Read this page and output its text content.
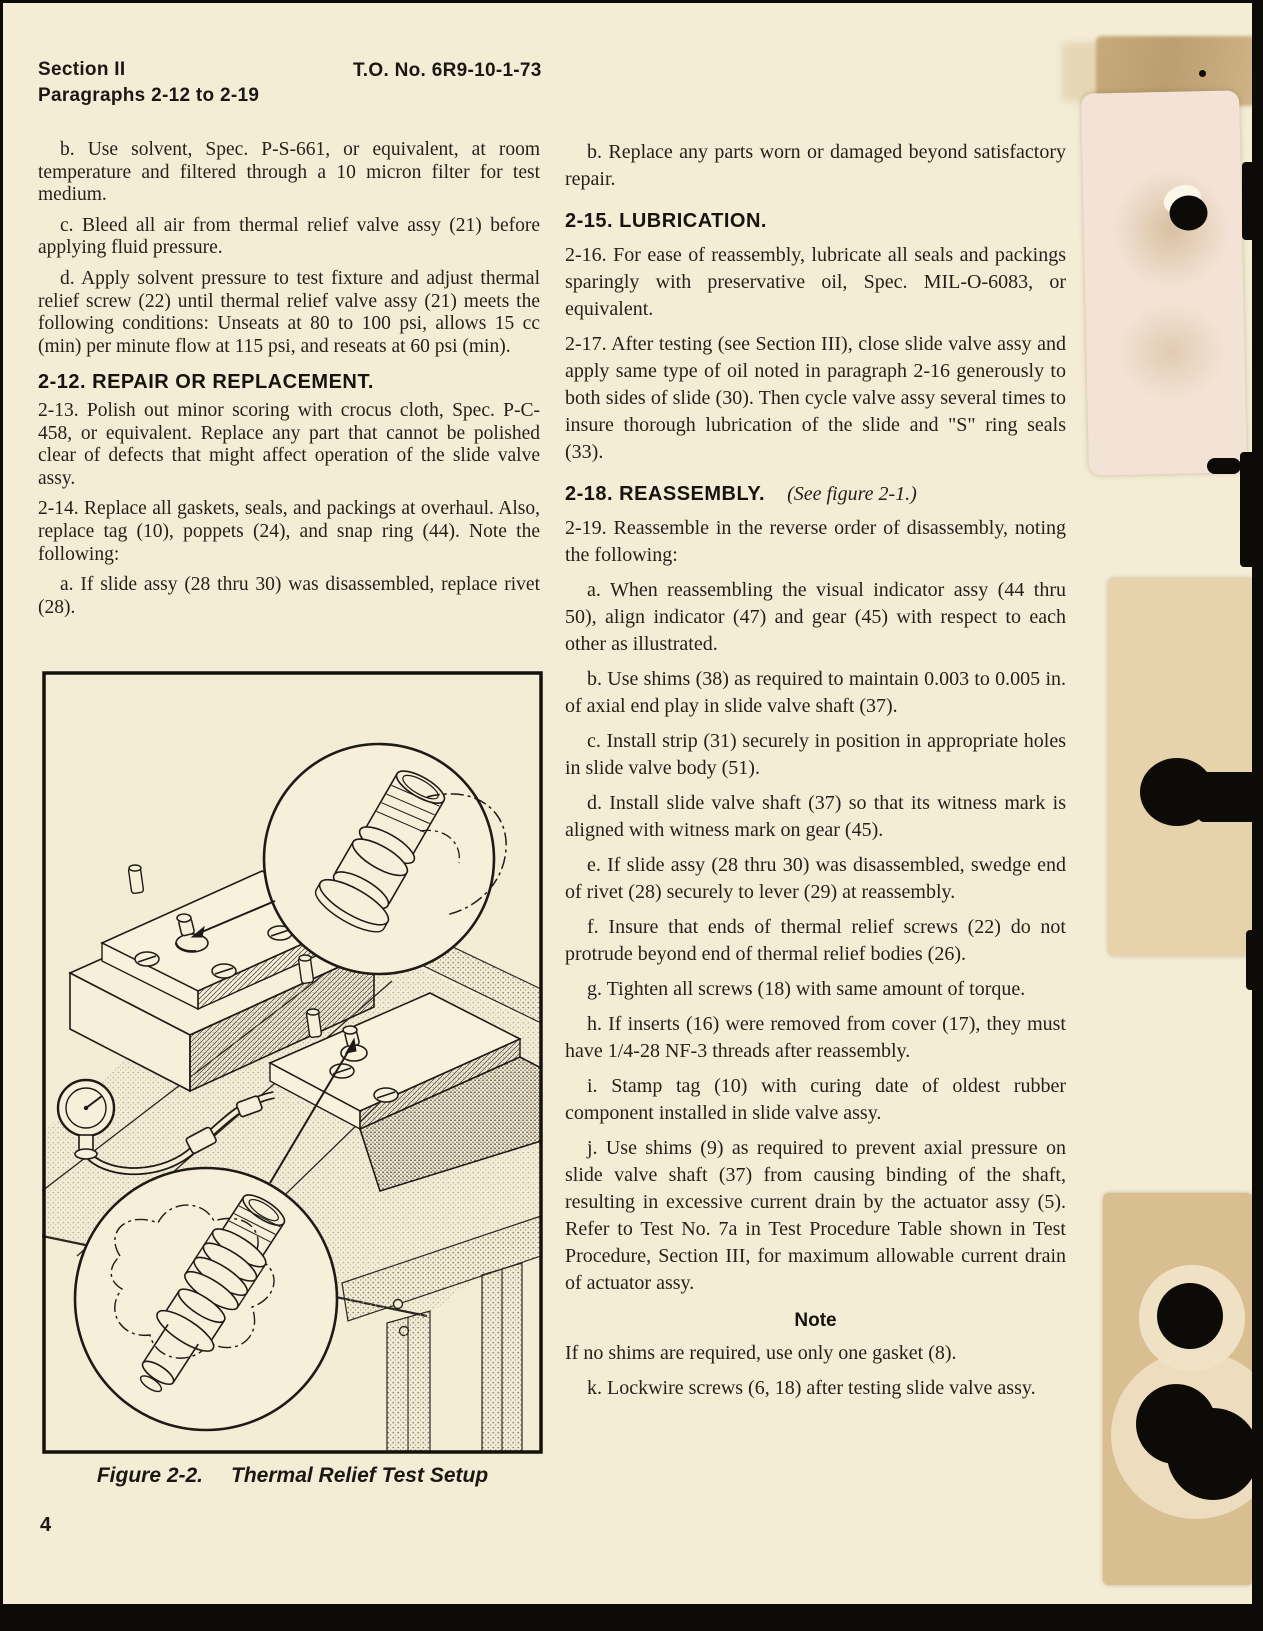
Section II
Paragraphs 2-12 to 2-19
T.O. No. 6R9-10-1-73

b. Use solvent, Spec. P-S-661, or equivalent, at room temperature and filtered through a 10 micron filter for test medium.

c. Bleed all air from thermal relief valve assy (21) before applying fluid pressure.

d. Apply solvent pressure to test fixture and adjust thermal relief screw (22) until thermal relief valve assy (21) meets the following conditions: Unseats at 80 to 100 psi, allows 15 cc (min) per minute flow at 115 psi, and reseats at 60 psi (min).

2-12. REPAIR OR REPLACEMENT.

2-13. Polish out minor scoring with crocus cloth, Spec. P-C-458, or equivalent. Replace any part that cannot be polished clear of defects that might affect operation of the slide valve assy.

2-14. Replace all gaskets, seals, and packings at overhaul. Also, replace tag (10), poppets (24), and snap ring (44). Note the following:

a. If slide assy (28 thru 30) was disassembled, replace rivet (28).

Figure 2-2. Thermal Relief Test Setup

b. Replace any parts worn or damaged beyond satisfactory repair.

2-15. LUBRICATION.

2-16. For ease of reassembly, lubricate all seals and packings sparingly with preservative oil, Spec. MIL-O-6083, or equivalent.

2-17. After testing (see Section III), close slide valve assy and apply same type of oil noted in paragraph 2-16 generously to both sides of slide (30). Then cycle valve assy several times to insure thorough lubrication of the slide and "S" ring seals (33).

2-18. REASSEMBLY. (See figure 2-1.)

2-19. Reassemble in the reverse order of disassembly, noting the following:

a. When reassembling the visual indicator assy (44 thru 50), align indicator (47) and gear (45) with respect to each other as illustrated.

b. Use shims (38) as required to maintain 0.003 to 0.005 in. of axial end play in slide valve shaft (37).

c. Install strip (31) securely in position in appropriate holes in slide valve body (51).

d. Install slide valve shaft (37) so that its witness mark is aligned with witness mark on gear (45).

e. If slide assy (28 thru 30) was disassembled, swedge end of rivet (28) securely to lever (29) at reassembly.

f. Insure that ends of thermal relief screws (22) do not protrude beyond end of thermal relief bodies (26).

g. Tighten all screws (18) with same amount of torque.

h. If inserts (16) were removed from cover (17), they must have 1/4-28 NF-3 threads after reassembly.

i. Stamp tag (10) with curing date of oldest rubber component installed in slide valve assy.

j. Use shims (9) as required to prevent axial pressure on slide valve shaft (37) from causing binding of the shaft, resulting in excessive current drain by the actuator assy (5). Refer to Test No. 7a in Test Procedure Table shown in Test Procedure, Section III, for maximum allowable current drain of actuator assy.

Note

If no shims are required, use only one gasket (8).

k. Lockwire screws (6, 18) after testing slide valve assy.

4
